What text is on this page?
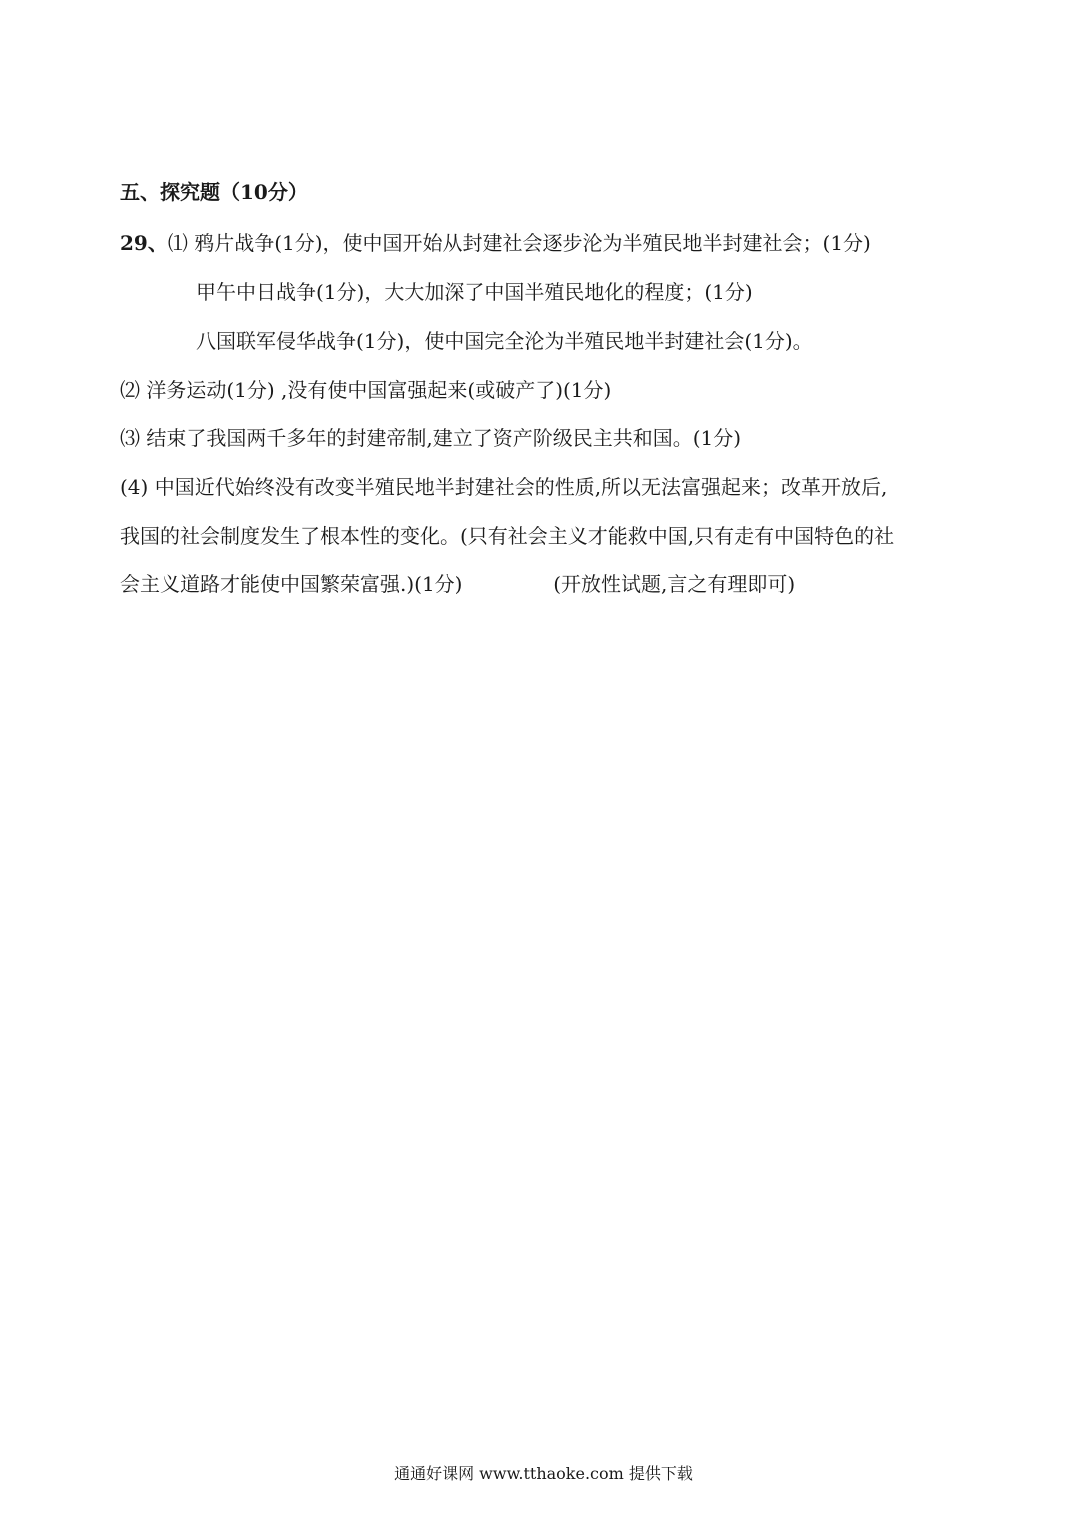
五、探究题（10分）
29、⑴ 鸦片战争(1分)，使中国开始从封建社会逐步沦为半殖民地半封建社会；(1分)
甲午中日战争(1分)，大大加深了中国半殖民地化的程度；(1分)
八国联军侵华战争(1分)，使中国完全沦为半殖民地半封建社会(1分)。
⑵ 洋务运动(1分) ,没有使中国富强起来(或破产了)(1分)
⑶ 结束了我国两千多年的封建帝制,建立了资产阶级民主共和国。(1分)
(4) 中国近代始终没有改变半殖民地半封建社会的性质,所以无法富强起来；改革开放后,
我国的社会制度发生了根本性的变化。(只有社会主义才能救中国,只有走有中国特色的社
会主义道路才能使中国繁荣富强.)(1分)	(开放性试题,言之有理即可)
通通好课网 www.tthaoke.com 提供下载
